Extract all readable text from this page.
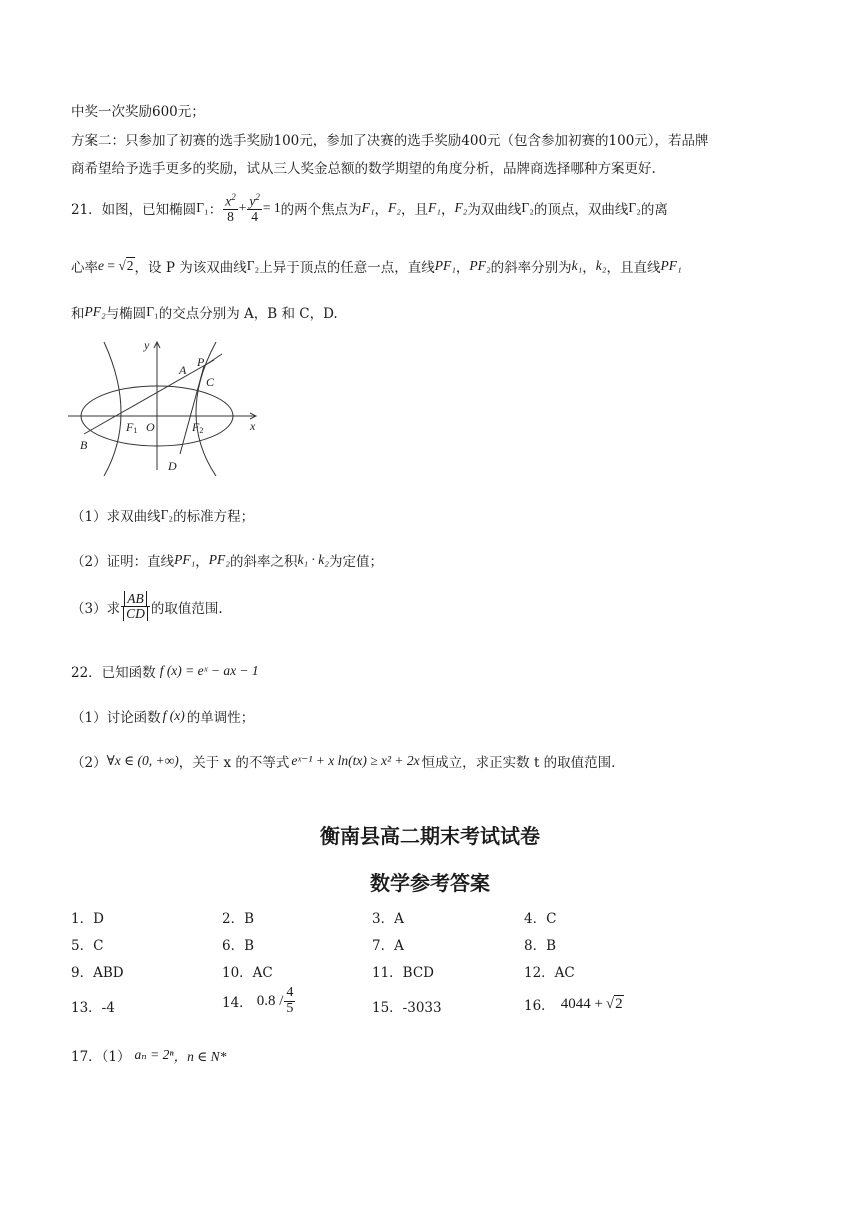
中奖一次奖励600元；
方案二：只参加了初赛的选手奖励100元，参加了决赛的选手奖励400元（包含参加初赛的100元），若品牌
商希望给予选手更多的奖励，试从三人奖金总额的数学期望的角度分析，品牌商选择哪种方案更好.
21．如图，已知椭圆 Γ₁ ： $\frac{x^2}{8} + \frac{y^2}{4} = 1$ 的两个焦点为 F₁ ， F₂ ，且 F₁ ， F₂ 为双曲线 Γ₂ 的顶点，双曲线 Γ₂ 的离
心率 e = √2 ，设 P 为该双曲线 Γ₂ 上异于顶点的任意一点，直线 PF₁ ， PF₂ 的斜率分别为 k₁ ， k₂ ，且直线 PF₁
和 PF₂ 与椭圆 Γ₁ 的交点分别为 A，B 和 C，D.
y
x
P
A
C
B
D
O
F1	F2
（1）求双曲线 Γ₂ 的标准方程；
（2）证明：直线 PF₁ ， PF₂ 的斜率之积 k₁ · k₂ 为定值；
（3）求 $\frac{AB}{CD}$ 的取值范围.
22．已知函数 f (x) = eˣ − ax − 1
（1）讨论函数 f (x) 的单调性；
（2） ∀x ∈ (0, +∞) ，关于 x 的不等式 eˣ⁻¹ + x ln(tx) ≥ x² + 2x 恒成立，求正实数 t 的取值范围.
衡南县高二期末考试试卷
数学参考答案
1．D	2．B	3．A	4．C
5．C	6．B	7．A	8．B
9．ABD	10．AC	11．BCD	12．AC
13．-4	14． $0.8 / \frac{4}{5}$	15．-3033	16． 4044 + √2
17．（1） aₙ = 2ⁿ ，n ∈ N*
